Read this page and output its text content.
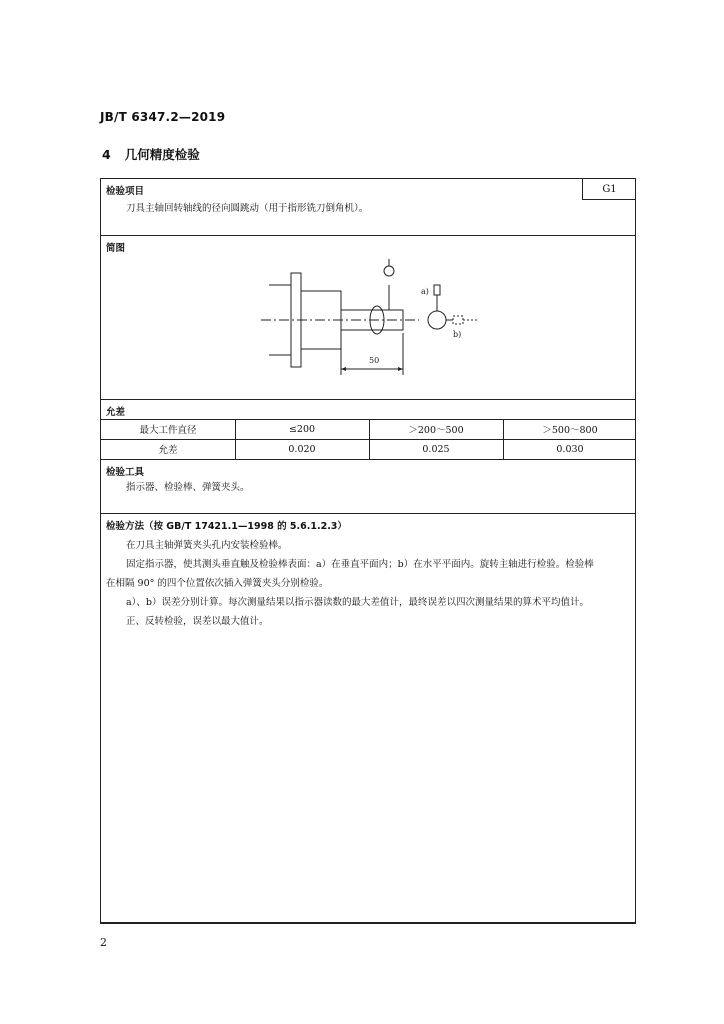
JB/T 6347.2—2019
4 几何精度检验
检验项目	G1
刀具主轴回转轴线的径向圆跳动（用于指形铣刀倒角机）。
简图
50
a)
b)
允差
最大工件直径	≤200	＞200～500	＞500～800
允差	0.020	0.025	0.030
检验工具
指示器、检验棒、弹簧夹头。
检验方法（按 GB/T 17421.1—1998 的 5.6.1.2.3）

在刀具主轴弹簧夹头孔内安装检验棒。

固定指示器，使其测头垂直触及检验棒表面：a）在垂直平面内；b）在水平平面内。旋转主轴进行检验。检验棒

在相隔 90° 的四个位置依次插入弹簧夹头分别检验。

a）、b）误差分别计算。每次测量结果以指示器读数的最大差值计，最终误差以四次测量结果的算术平均值计。

正、反转检验，误差以最大值计。

2
